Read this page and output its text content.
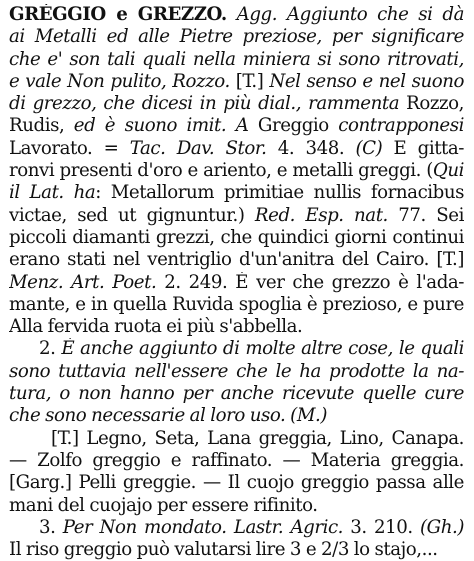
GRÈGGIO e GREZZO. Agg. Aggiunto che si dà
ai Metalli ed alle Pietre preziose, per significare
che e' son tali quali nella miniera si sono ritrovati,
e vale Non pulito, Rozzo. [T.] Nel senso e nel suono
di grezzo, che dicesi in più dial., rammenta Rozzo,
Rudis, ed è suono imit. A Greggio contrapponesi
Lavorato. = Tac. Dav. Stor. 4. 348. (C) E gitta-
ronvi presenti d'oro e ariento, e metalli greggi. (Qui
il Lat. ha: Metallorum primitiae nullis fornacibus
victae, sed ut gignuntur.) Red. Esp. nat. 77. Sei
piccoli diamanti grezzi, che quindici giorni continui
erano stati nel ventriglio d'un'anitra del Cairo. [T.]
Menz. Art. Poet. 2. 249. È ver che grezzo è l'ada-
mante, e in quella Ruvida spoglia è prezioso, e pure
Alla fervida ruota ei più s'abbella.
2. È anche aggiunto di molte altre cose, le quali
sono tuttavia nell'essere che le ha prodotte la na-
tura, o non hanno per anche ricevute quelle cure
che sono necessarie al loro uso. (M.)
[T.] Legno, Seta, Lana greggia, Lino, Canapa.
— Zolfo greggio e raffinato. — Materia greggia.
[Garg.] Pelli greggie. — Il cuojo greggio passa alle
mani del cuojajo per essere rifinito.
3. Per Non mondato. Lastr. Agric. 3. 210. (Gh.)
Il riso greggio può valutarsi lire 3 e 2/3 lo stajo,...
